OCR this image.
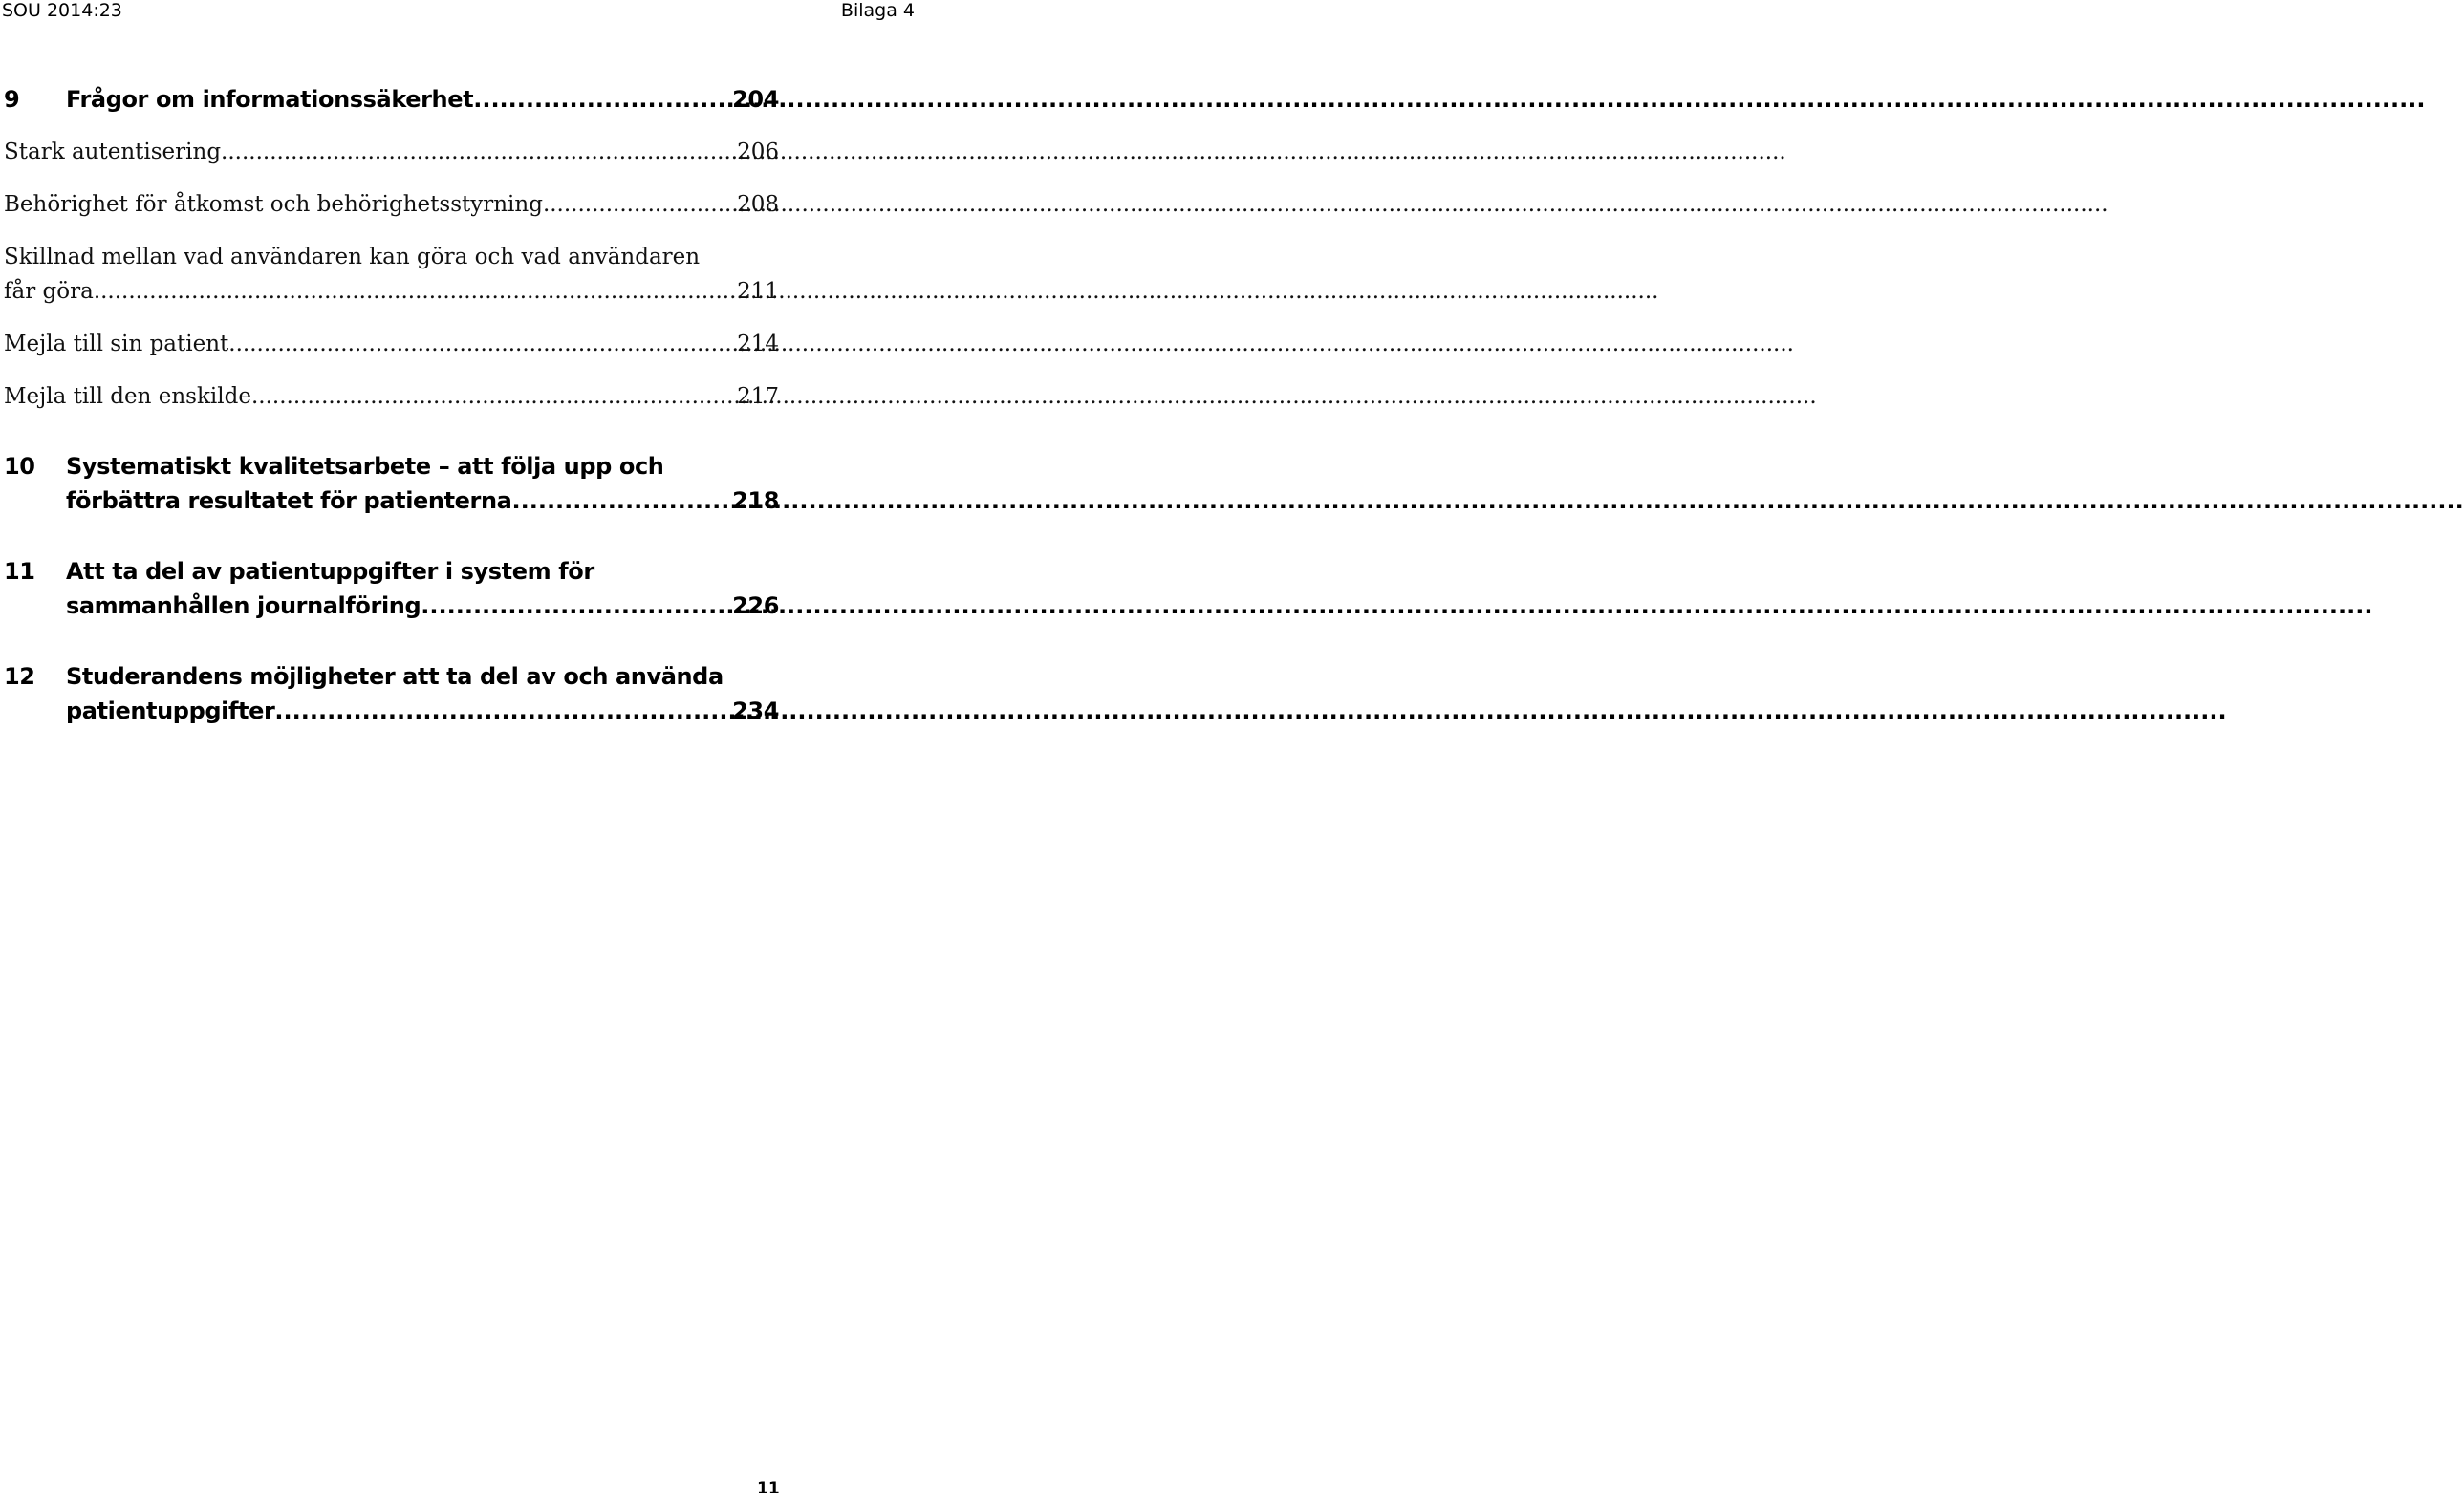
SOU 2014:23	Bilaga 4
9 Frågor om informationssäkerhet .....	204
Stark autentisering .....	206
Behörighet för åtkomst och behörighetsstyrning .....	208
Skillnad mellan vad användaren kan göra och vad användaren
får göra .....	211
Mejla till sin patient .....	214
Mejla till den enskilde .....	217
10 Systematiskt kvalitetsarbete – att följa upp och
förbättra resultatet för patienterna .....	218
11 Att ta del av patientuppgifter i system för
sammanhållen journalföring .....	226
12 Studerandens möjligheter att ta del av och använda
patientuppgifter .....	234
11
